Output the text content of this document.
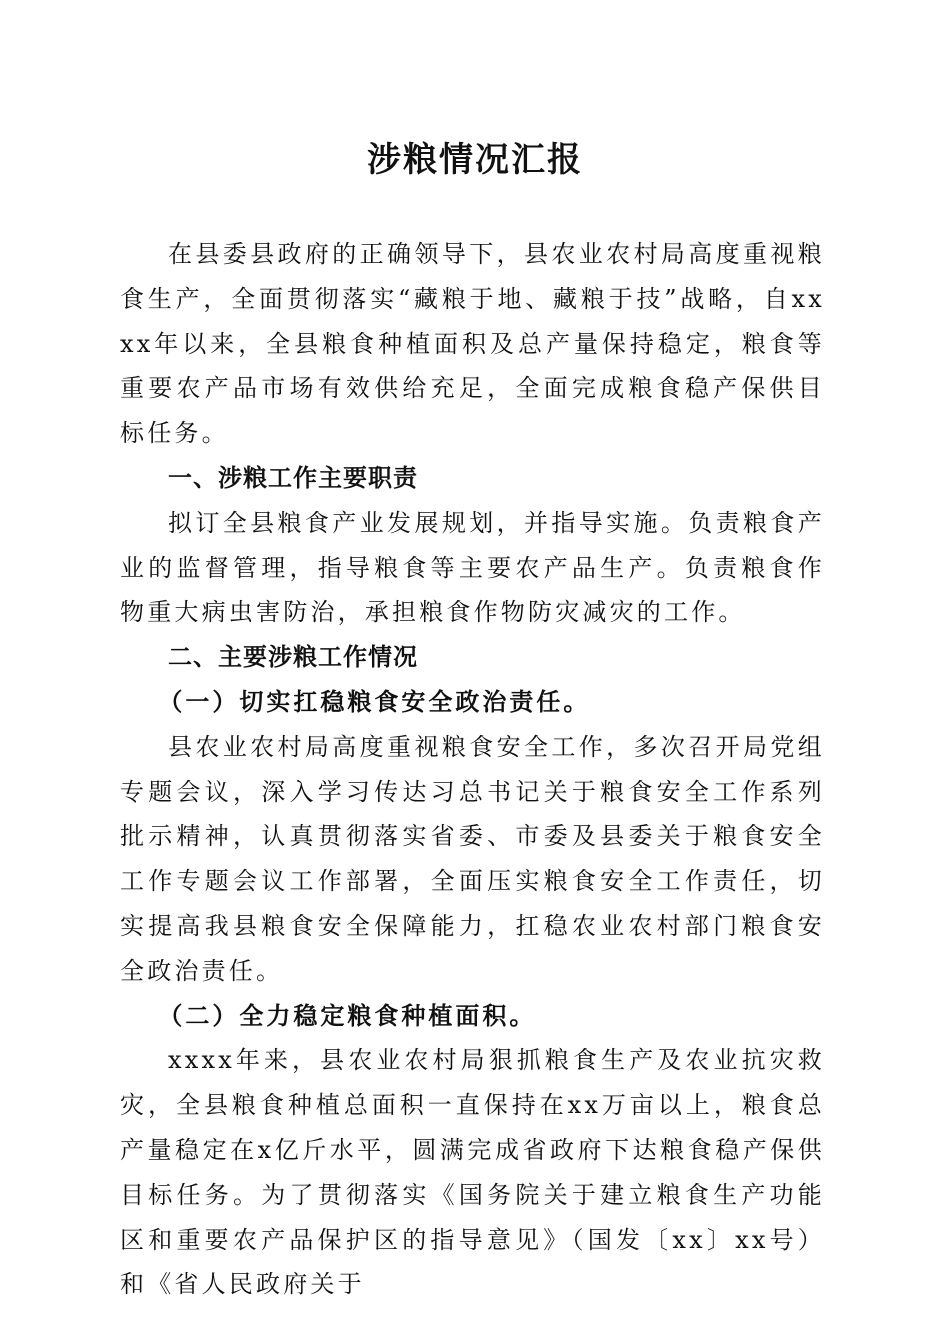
涉粮情况汇报

在县委县政府的正确领导下，县农业农村局高度重视粮食生产，全面贯彻落实“藏粮于地、藏粮于技”战略，自xxxx年以来，全县粮食种植面积及总产量保持稳定，粮食等重要农产品市场有效供给充足，全面完成粮食稳产保供目标任务。

一、涉粮工作主要职责

拟订全县粮食产业发展规划，并指导实施。负责粮食产业的监督管理，指导粮食等主要农产品生产。负责粮食作物重大病虫害防治，承担粮食作物防灾减灾的工作。

二、主要涉粮工作情况

（一）切实扛稳粮食安全政治责任。

县农业农村局高度重视粮食安全工作，多次召开局党组专题会议，深入学习传达习总书记关于粮食安全工作系列批示精神，认真贯彻落实省委、市委及县委关于粮食安全工作专题会议工作部署，全面压实粮食安全工作责任，切实提高我县粮食安全保障能力，扛稳农业农村部门粮食安全政治责任。

（二）全力稳定粮食种植面积。

xxxx年来，县农业农村局狠抓粮食生产及农业抗灾救灾，全县粮食种植总面积一直保持在xx万亩以上，粮食总产量稳定在x亿斤水平，圆满完成省政府下达粮食稳产保供目标任务。为了贯彻落实《国务院关于建立粮食生产功能区和重要农产品保护区的指导意见》（国发〔xx〕xx号）和《省人民政府关于
